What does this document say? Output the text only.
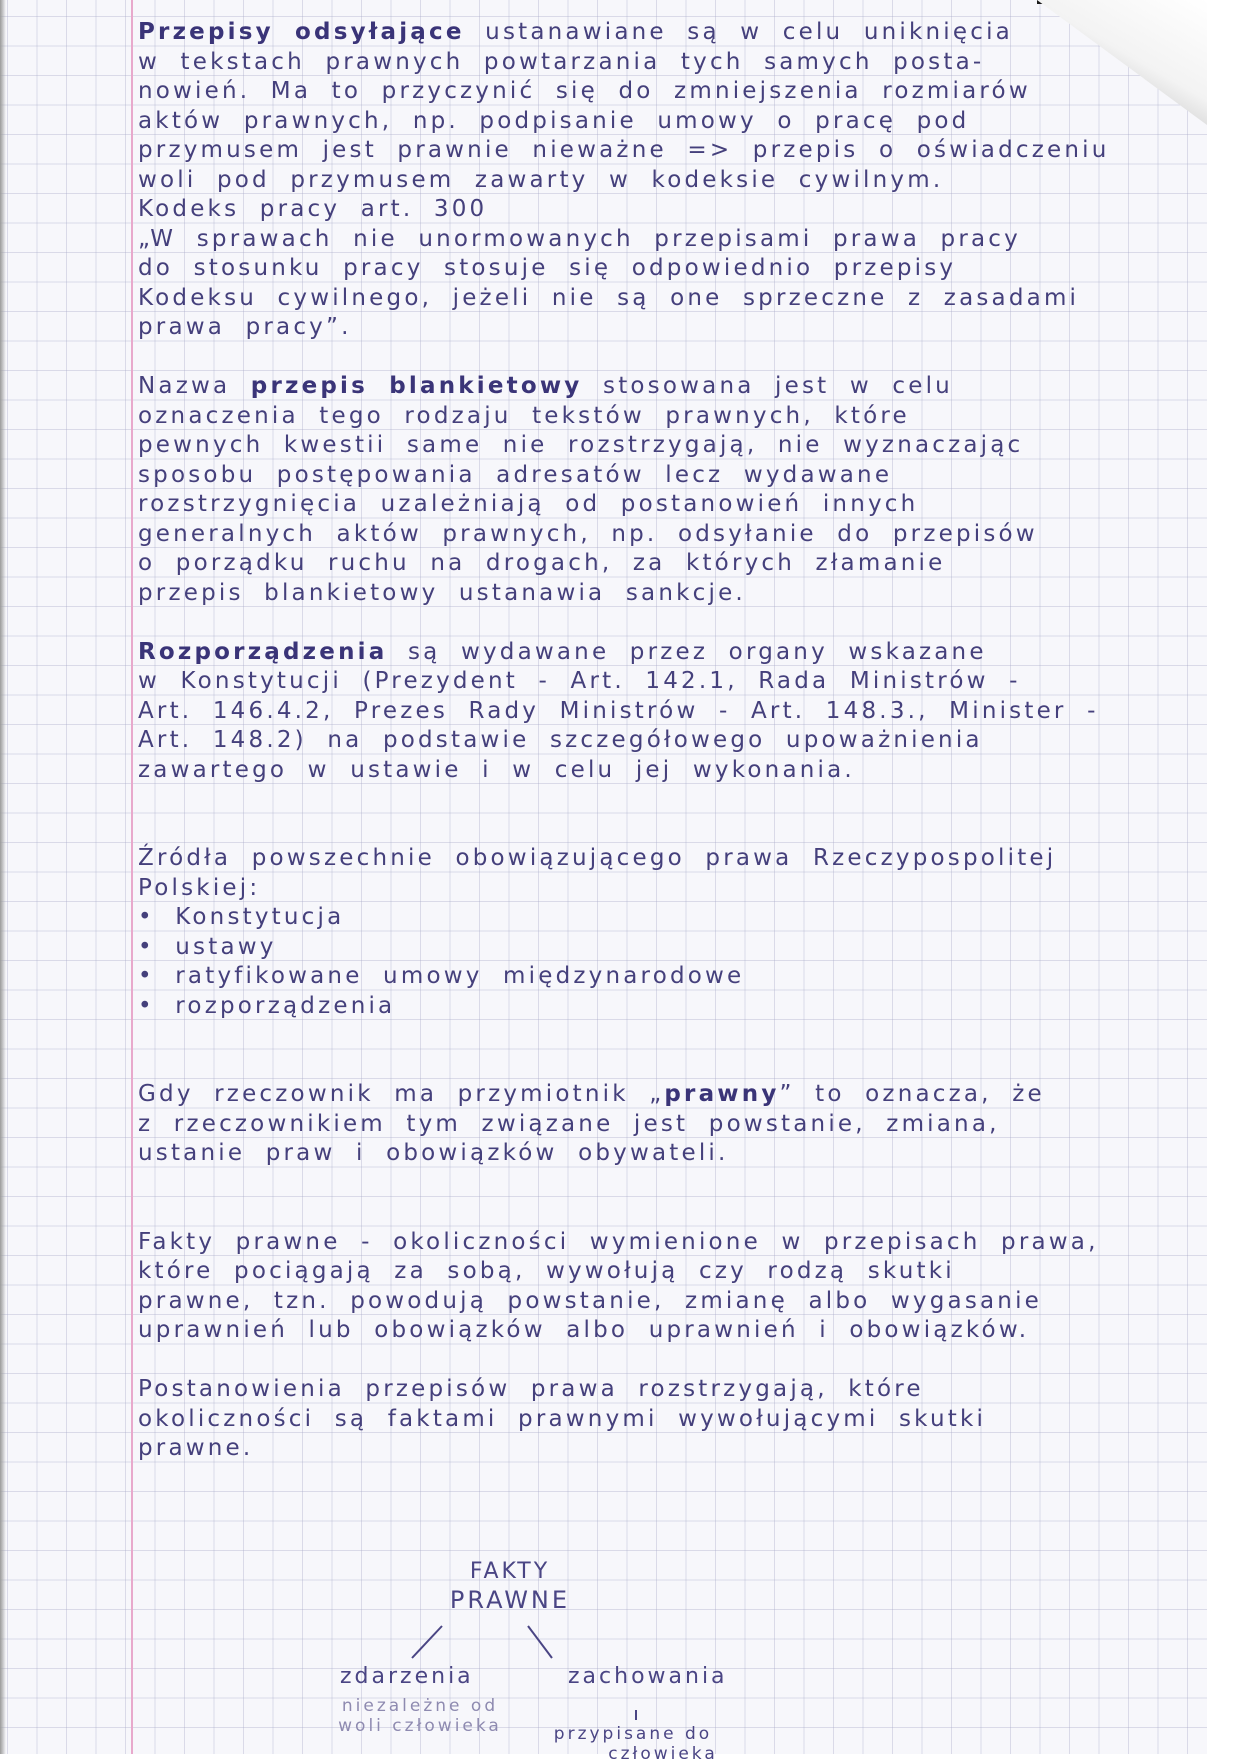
Przepisy odsyłające ustanawiane są w celu uniknięcia
w tekstach prawnych powtarzania tych samych posta-
nowień. Ma to przyczynić się do zmniejszenia rozmiarów
aktów prawnych, np. podpisanie umowy o pracę pod
przymusem jest prawnie nieważne => przepis o oświadczeniu
woli pod przymusem zawarty w kodeksie cywilnym.
Kodeks pracy art. 300
„W sprawach nie unormowanych przepisami prawa pracy
do stosunku pracy stosuje się odpowiednio przepisy
Kodeksu cywilnego, jeżeli nie są one sprzeczne z zasadami
prawa pracy”.
Nazwa przepis blankietowy stosowana jest w celu
oznaczenia tego rodzaju tekstów prawnych, które
pewnych kwestii same nie rozstrzygają, nie wyznaczając
sposobu postępowania adresatów lecz wydawane
rozstrzygnięcia uzależniają od postanowień innych
generalnych aktów prawnych, np. odsyłanie do przepisów
o porządku ruchu na drogach, za których złamanie
przepis blankietowy ustanawia sankcje.
Rozporządzenia są wydawane przez organy wskazane
w Konstytucji (Prezydent - Art. 142.1, Rada Ministrów -
Art. 146.4.2, Prezes Rady Ministrów - Art. 148.3., Minister -
Art. 148.2) na podstawie szczegółowego upoważnienia
zawartego w ustawie i w celu jej wykonania.
Źródła powszechnie obowiązującego prawa Rzeczypospolitej
Polskiej:
• Konstytucja
• ustawy
• ratyfikowane umowy międzynarodowe
• rozporządzenia
Gdy rzeczownik ma przymiotnik „prawny” to oznacza, że
z rzeczownikiem tym związane jest powstanie, zmiana,
ustanie praw i obowiązków obywateli.
Fakty prawne - okoliczności wymienione w przepisach prawa,
które pociągają za sobą, wywołują czy rodzą skutki
prawne, tzn. powodują powstanie, zmianę albo wygasanie
uprawnień lub obowiązków albo uprawnień i obowiązków.
Postanowienia przepisów prawa rozstrzygają, które
okoliczności są faktami prawnymi wywołującymi skutki
prawne.
FAKTY
PRAWNE
zdarzenia	zachowania
niezależne od
woli człowieka	przypisane do
człowieka
